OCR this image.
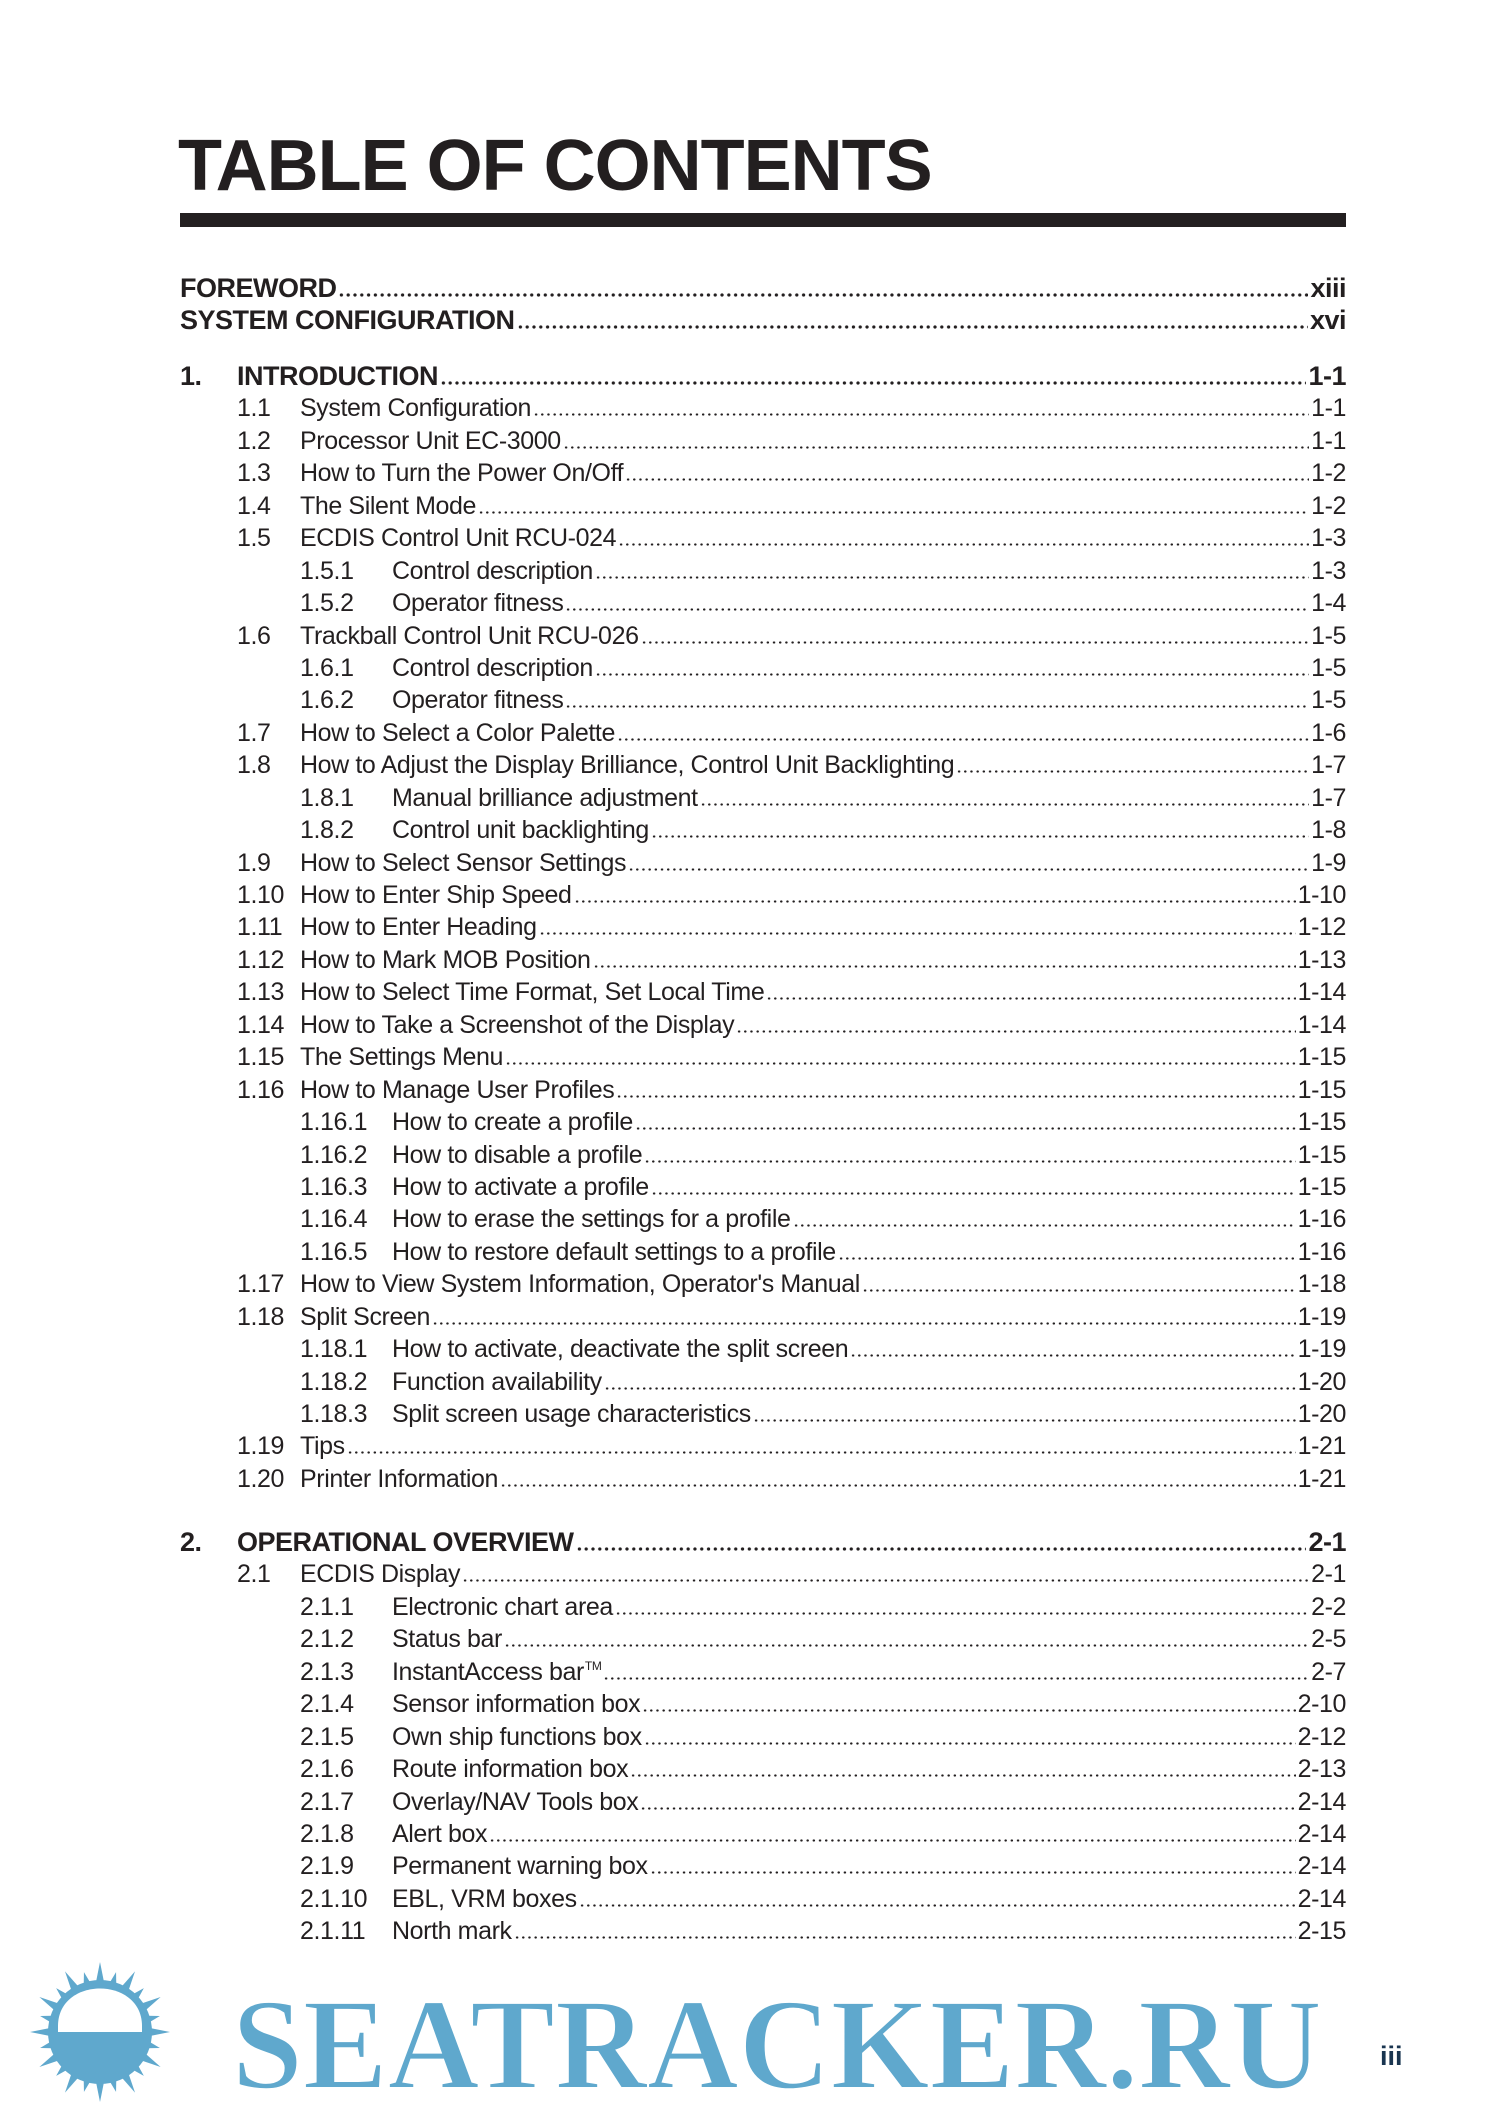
TABLE OF CONTENTS
FOREWORD	xiii
SYSTEM CONFIGURATION	xvi
1.	INTRODUCTION	1-1
1.1	System Configuration	1-1
1.2	Processor Unit EC-3000	1-1
1.3	How to Turn the Power On/Off	1-2
1.4	The Silent Mode	1-2
1.5	ECDIS Control Unit RCU-024	1-3
1.5.1	Control description	1-3
1.5.2	Operator fitness	1-4
1.6	Trackball Control Unit RCU-026	1-5
1.6.1	Control description	1-5
1.6.2	Operator fitness	1-5
1.7	How to Select a Color Palette	1-6
1.8	How to Adjust the Display Brilliance, Control Unit Backlighting	1-7
1.8.1	Manual brilliance adjustment	1-7
1.8.2	Control unit backlighting	1-8
1.9	How to Select Sensor Settings	1-9
1.10 How to Enter Ship Speed	1-10
1.11 How to Enter Heading	1-12
1.12 How to Mark MOB Position	1-13
1.13 How to Select Time Format, Set Local Time	1-14
1.14 How to Take a Screenshot of the Display	1-14
1.15 The Settings Menu	1-15
1.16 How to Manage User Profiles	1-15
1.16.1 How to create a profile	1-15
1.16.2 How to disable a profile	1-15
1.16.3 How to activate a profile	1-15
1.16.4 How to erase the settings for a profile	1-16
1.16.5 How to restore default settings to a profile	1-16
1.17 How to View System Information, Operator's Manual	1-18
1.18 Split Screen	1-19
1.18.1 How to activate, deactivate the split screen	1-19
1.18.2 Function availability	1-20
1.18.3 Split screen usage characteristics	1-20
1.19 Tips	1-21
1.20 Printer Information	1-21
2.	OPERATIONAL OVERVIEW	2-1
2.1	ECDIS Display	2-1
2.1.1	Electronic chart area	2-2
2.1.2	Status bar	2-5
2.1.3	InstantAccess bar™	2-7
2.1.4	Sensor information box	2-10
2.1.5	Own ship functions box	2-12
2.1.6	Route information box	2-13
2.1.7	Overlay/NAV Tools box	2-14
2.1.8	Alert box	2-14
2.1.9	Permanent warning box	2-14
2.1.10 EBL, VRM boxes	2-14
2.1.11	North mark	2-15
SEATRACKER.RU iii
